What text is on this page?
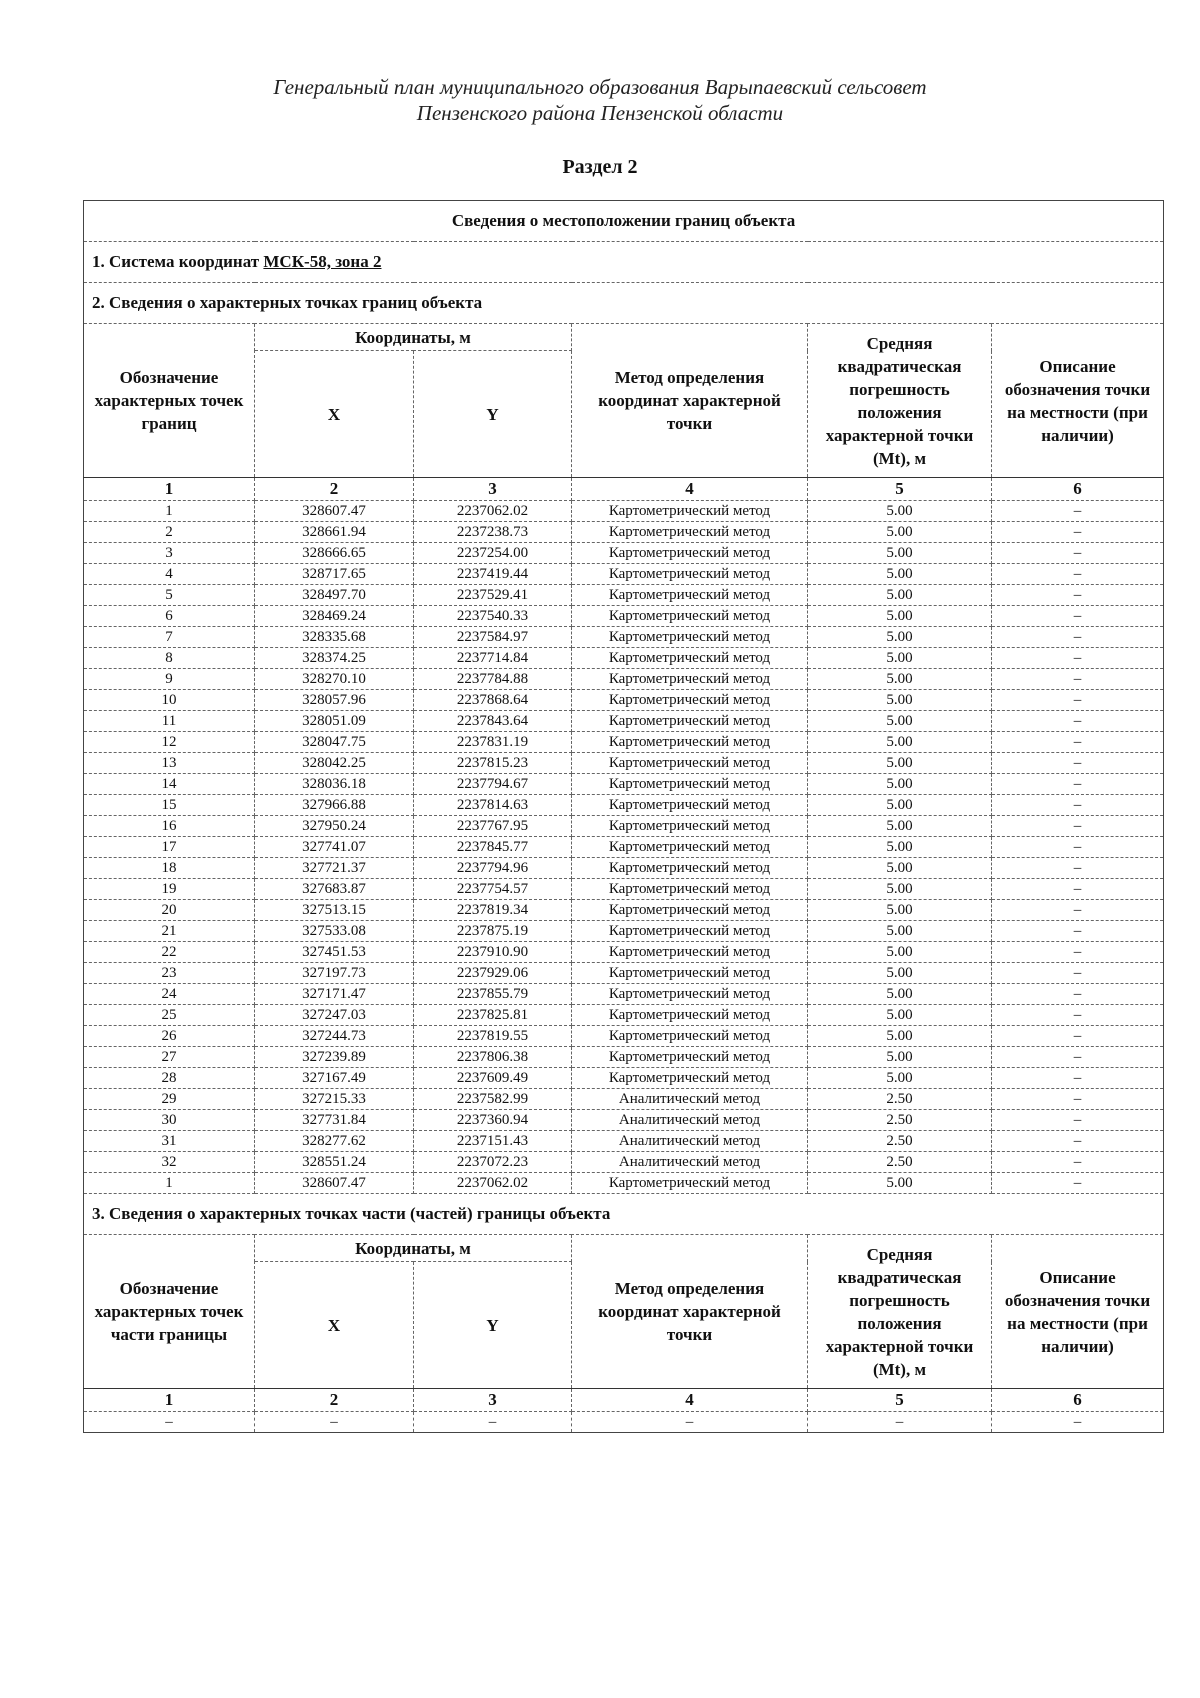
Генеральный план муниципального образования Варыпаевский сельсовет
Пензенского района Пензенской области
Раздел 2
Сведения о местоположении границ объекта					
1. Система координат МСК-58, зона 2					
2. Сведения о характерных точках границ объекта					
Обозначение характерных точек границ	Координаты, м		Метод определения координат характерной точки	Средняя квадратическая погрешность положения характерной точки (Mt), м	Описание обозначения точки на местности (при наличии)
	X	Y			
1	2	3	4	5	6
1	328607.47	2237062.02	Картометрический метод	5.00	–
2	328661.94	2237238.73	Картометрический метод	5.00	–
3	328666.65	2237254.00	Картометрический метод	5.00	–
4	328717.65	2237419.44	Картометрический метод	5.00	–
5	328497.70	2237529.41	Картометрический метод	5.00	–
6	328469.24	2237540.33	Картометрический метод	5.00	–
7	328335.68	2237584.97	Картометрический метод	5.00	–
8	328374.25	2237714.84	Картометрический метод	5.00	–
9	328270.10	2237784.88	Картометрический метод	5.00	–
10	328057.96	2237868.64	Картометрический метод	5.00	–
11	328051.09	2237843.64	Картометрический метод	5.00	–
12	328047.75	2237831.19	Картометрический метод	5.00	–
13	328042.25	2237815.23	Картометрический метод	5.00	–
14	328036.18	2237794.67	Картометрический метод	5.00	–
15	327966.88	2237814.63	Картометрический метод	5.00	–
16	327950.24	2237767.95	Картометрический метод	5.00	–
17	327741.07	2237845.77	Картометрический метод	5.00	–
18	327721.37	2237794.96	Картометрический метод	5.00	–
19	327683.87	2237754.57	Картометрический метод	5.00	–
20	327513.15	2237819.34	Картометрический метод	5.00	–
21	327533.08	2237875.19	Картометрический метод	5.00	–
22	327451.53	2237910.90	Картометрический метод	5.00	–
23	327197.73	2237929.06	Картометрический метод	5.00	–
24	327171.47	2237855.79	Картометрический метод	5.00	–
25	327247.03	2237825.81	Картометрический метод	5.00	–
26	327244.73	2237819.55	Картометрический метод	5.00	–
27	327239.89	2237806.38	Картометрический метод	5.00	–
28	327167.49	2237609.49	Картометрический метод	5.00	–
29	327215.33	2237582.99	Аналитический метод	2.50	–
30	327731.84	2237360.94	Аналитический метод	2.50	–
31	328277.62	2237151.43	Аналитический метод	2.50	–
32	328551.24	2237072.23	Аналитический метод	2.50	–
1	328607.47	2237062.02	Картометрический метод	5.00	–
3. Сведения о характерных точках части (частей) границы объекта					
Обозначение характерных точек части границы	Координаты, м		Метод определения координат характерной точки	Средняя квадратическая погрешность положения характерной точки (Mt), м	Описание обозначения точки на местности (при наличии)
	X	Y			
1	2	3	4	5	6
–	–	–	–	–	–
